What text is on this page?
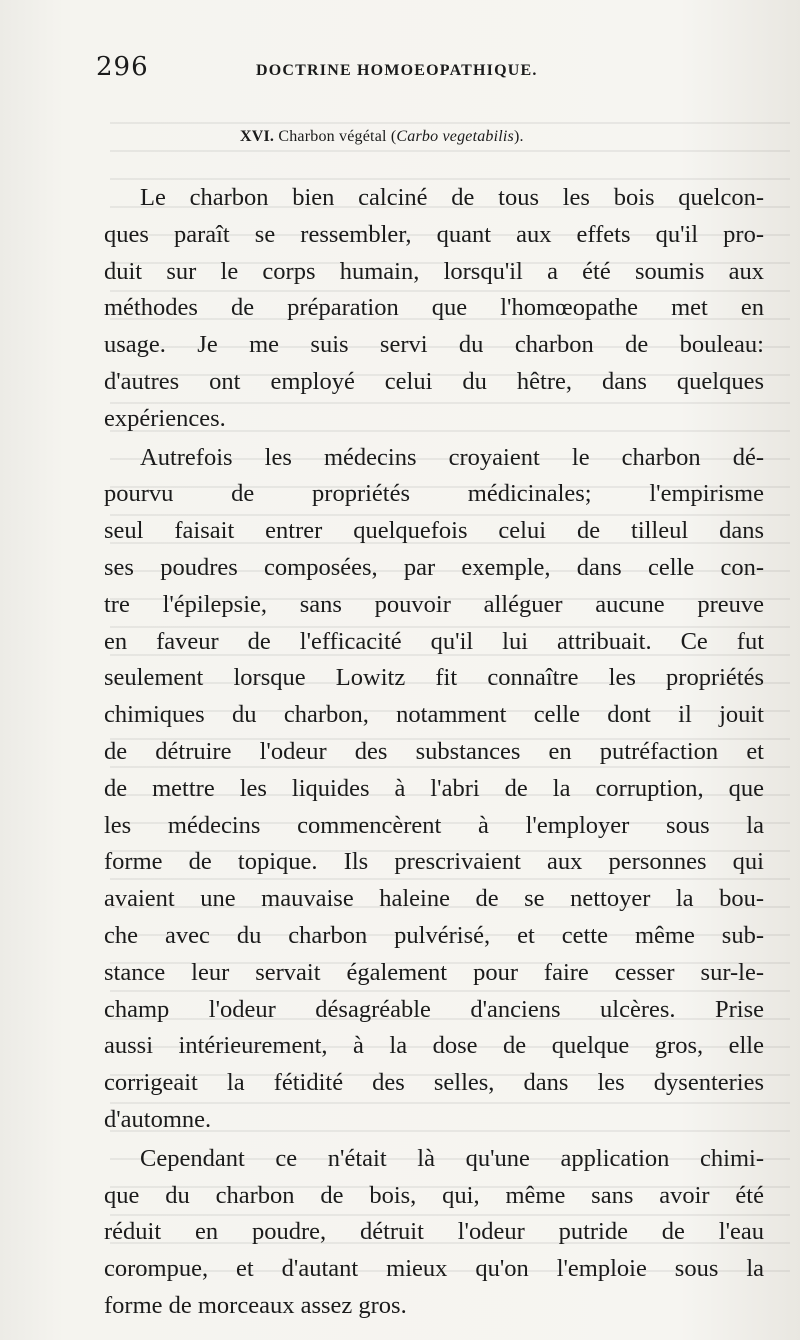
296	DOCTRINE HOMOEOPATHIQUE.
XVI. Charbon végétal (Carbo vegetabilis).
Le charbon bien calciné de tous les bois quelcon-
ques paraît se ressembler, quant aux effets qu'il pro-
duit sur le corps humain, lorsqu'il a été soumis aux
méthodes de préparation que l'homœopathe met en
usage. Je me suis servi du charbon de bouleau:
d'autres ont employé celui du hêtre, dans quelques
expériences.
Autrefois les médecins croyaient le charbon dé-
pourvu de propriétés médicinales; l'empirisme
seul faisait entrer quelquefois celui de tilleul dans
ses poudres composées, par exemple, dans celle con-
tre l'épilepsie, sans pouvoir alléguer aucune preuve
en faveur de l'efficacité qu'il lui attribuait. Ce fut
seulement lorsque Lowitz fit connaître les propriétés
chimiques du charbon, notamment celle dont il jouit
de détruire l'odeur des substances en putréfaction et
de mettre les liquides à l'abri de la corruption, que
les médecins commencèrent à l'employer sous la
forme de topique. Ils prescrivaient aux personnes qui
avaient une mauvaise haleine de se nettoyer la bou-
che avec du charbon pulvérisé, et cette même sub-
stance leur servait également pour faire cesser sur-le-
champ l'odeur désagréable d'anciens ulcères. Prise
aussi intérieurement, à la dose de quelque gros, elle
corrigeait la fétidité des selles, dans les dysenteries
d'automne.
Cependant ce n'était là qu'une application chimi-
que du charbon de bois, qui, même sans avoir été
réduit en poudre, détruit l'odeur putride de l'eau
corompue, et d'autant mieux qu'on l'emploie sous la
forme de morceaux assez gros.
